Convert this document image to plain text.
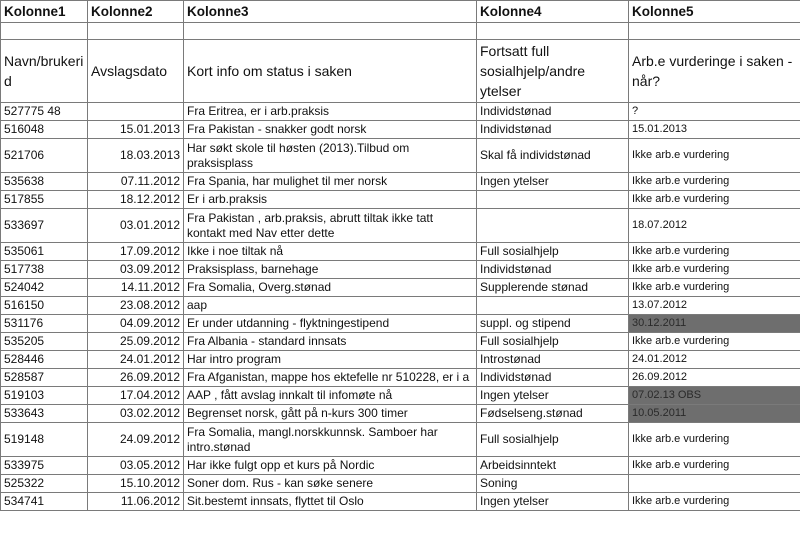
Kolonne1	Kolonne2	Kolonne3	Kolonne4	Kolonne5

Navn/brukerid	Avslagsdato	Kort info om status i saken	Fortsatt full sosialhjelp/andre ytelser	Arb.e vurderinge i saken - når?
527775 48		Fra Eritrea, er i arb.praksis	Individstønad	?
516048	15.01.2013	Fra Pakistan - snakker godt norsk	Individstønad	15.01.2013
521706	18.03.2013	Har søkt skole til høsten (2013).Tilbud om praksisplass	Skal få individstønad	Ikke arb.e vurdering
535638	07.11.2012	Fra Spania, har mulighet til mer norsk	Ingen ytelser	Ikke arb.e vurdering
517855	18.12.2012	Er i arb.praksis		Ikke arb.e vurdering
533697	03.01.2012	Fra Pakistan , arb.praksis, abrutt tiltak ikke tatt kontakt med Nav etter dette		18.07.2012
535061	17.09.2012	Ikke i noe tiltak nå	Full sosialhjelp	Ikke arb.e vurdering
517738	03.09.2012	Praksisplass, barnehage	Individstønad	Ikke arb.e vurdering
524042	14.11.2012	Fra Somalia, Overg.stønad	Supplerende stønad	Ikke arb.e vurdering
516150	23.08.2012	aap		13.07.2012
531176	04.09.2012	Er under utdanning - flyktningestipend	suppl. og stipend	30.12.2011
535205	25.09.2012	Fra Albania - standard innsats	Full sosialhjelp	Ikke arb.e vurdering
528446	24.01.2012	Har intro program	Introstønad	24.01.2012
528587	26.09.2012	Fra Afganistan, mappe hos ektefelle nr 510228, er i a	Individstønad	26.09.2012
519103	17.04.2012	AAP , fått avslag innkalt til infomøte nå	Ingen ytelser	07.02.13 OBS
533643	03.02.2012	Begrenset norsk, gått på n-kurs 300 timer	Fødselseng.stønad	10.05.2011
519148	24.09.2012	Fra Somalia, mangl.norskkunnsk. Samboer har intro.stønad	Full sosialhjelp	Ikke arb.e vurdering
533975	03.05.2012	Har ikke fulgt opp et kurs på Nordic	Arbeidsinntekt	Ikke arb.e vurdering
525322	15.10.2012	Soner dom. Rus - kan søke senere	Soning	
534741	11.06.2012	Sit.bestemt innsats, flyttet til Oslo	Ingen ytelser	Ikke arb.e vurdering
